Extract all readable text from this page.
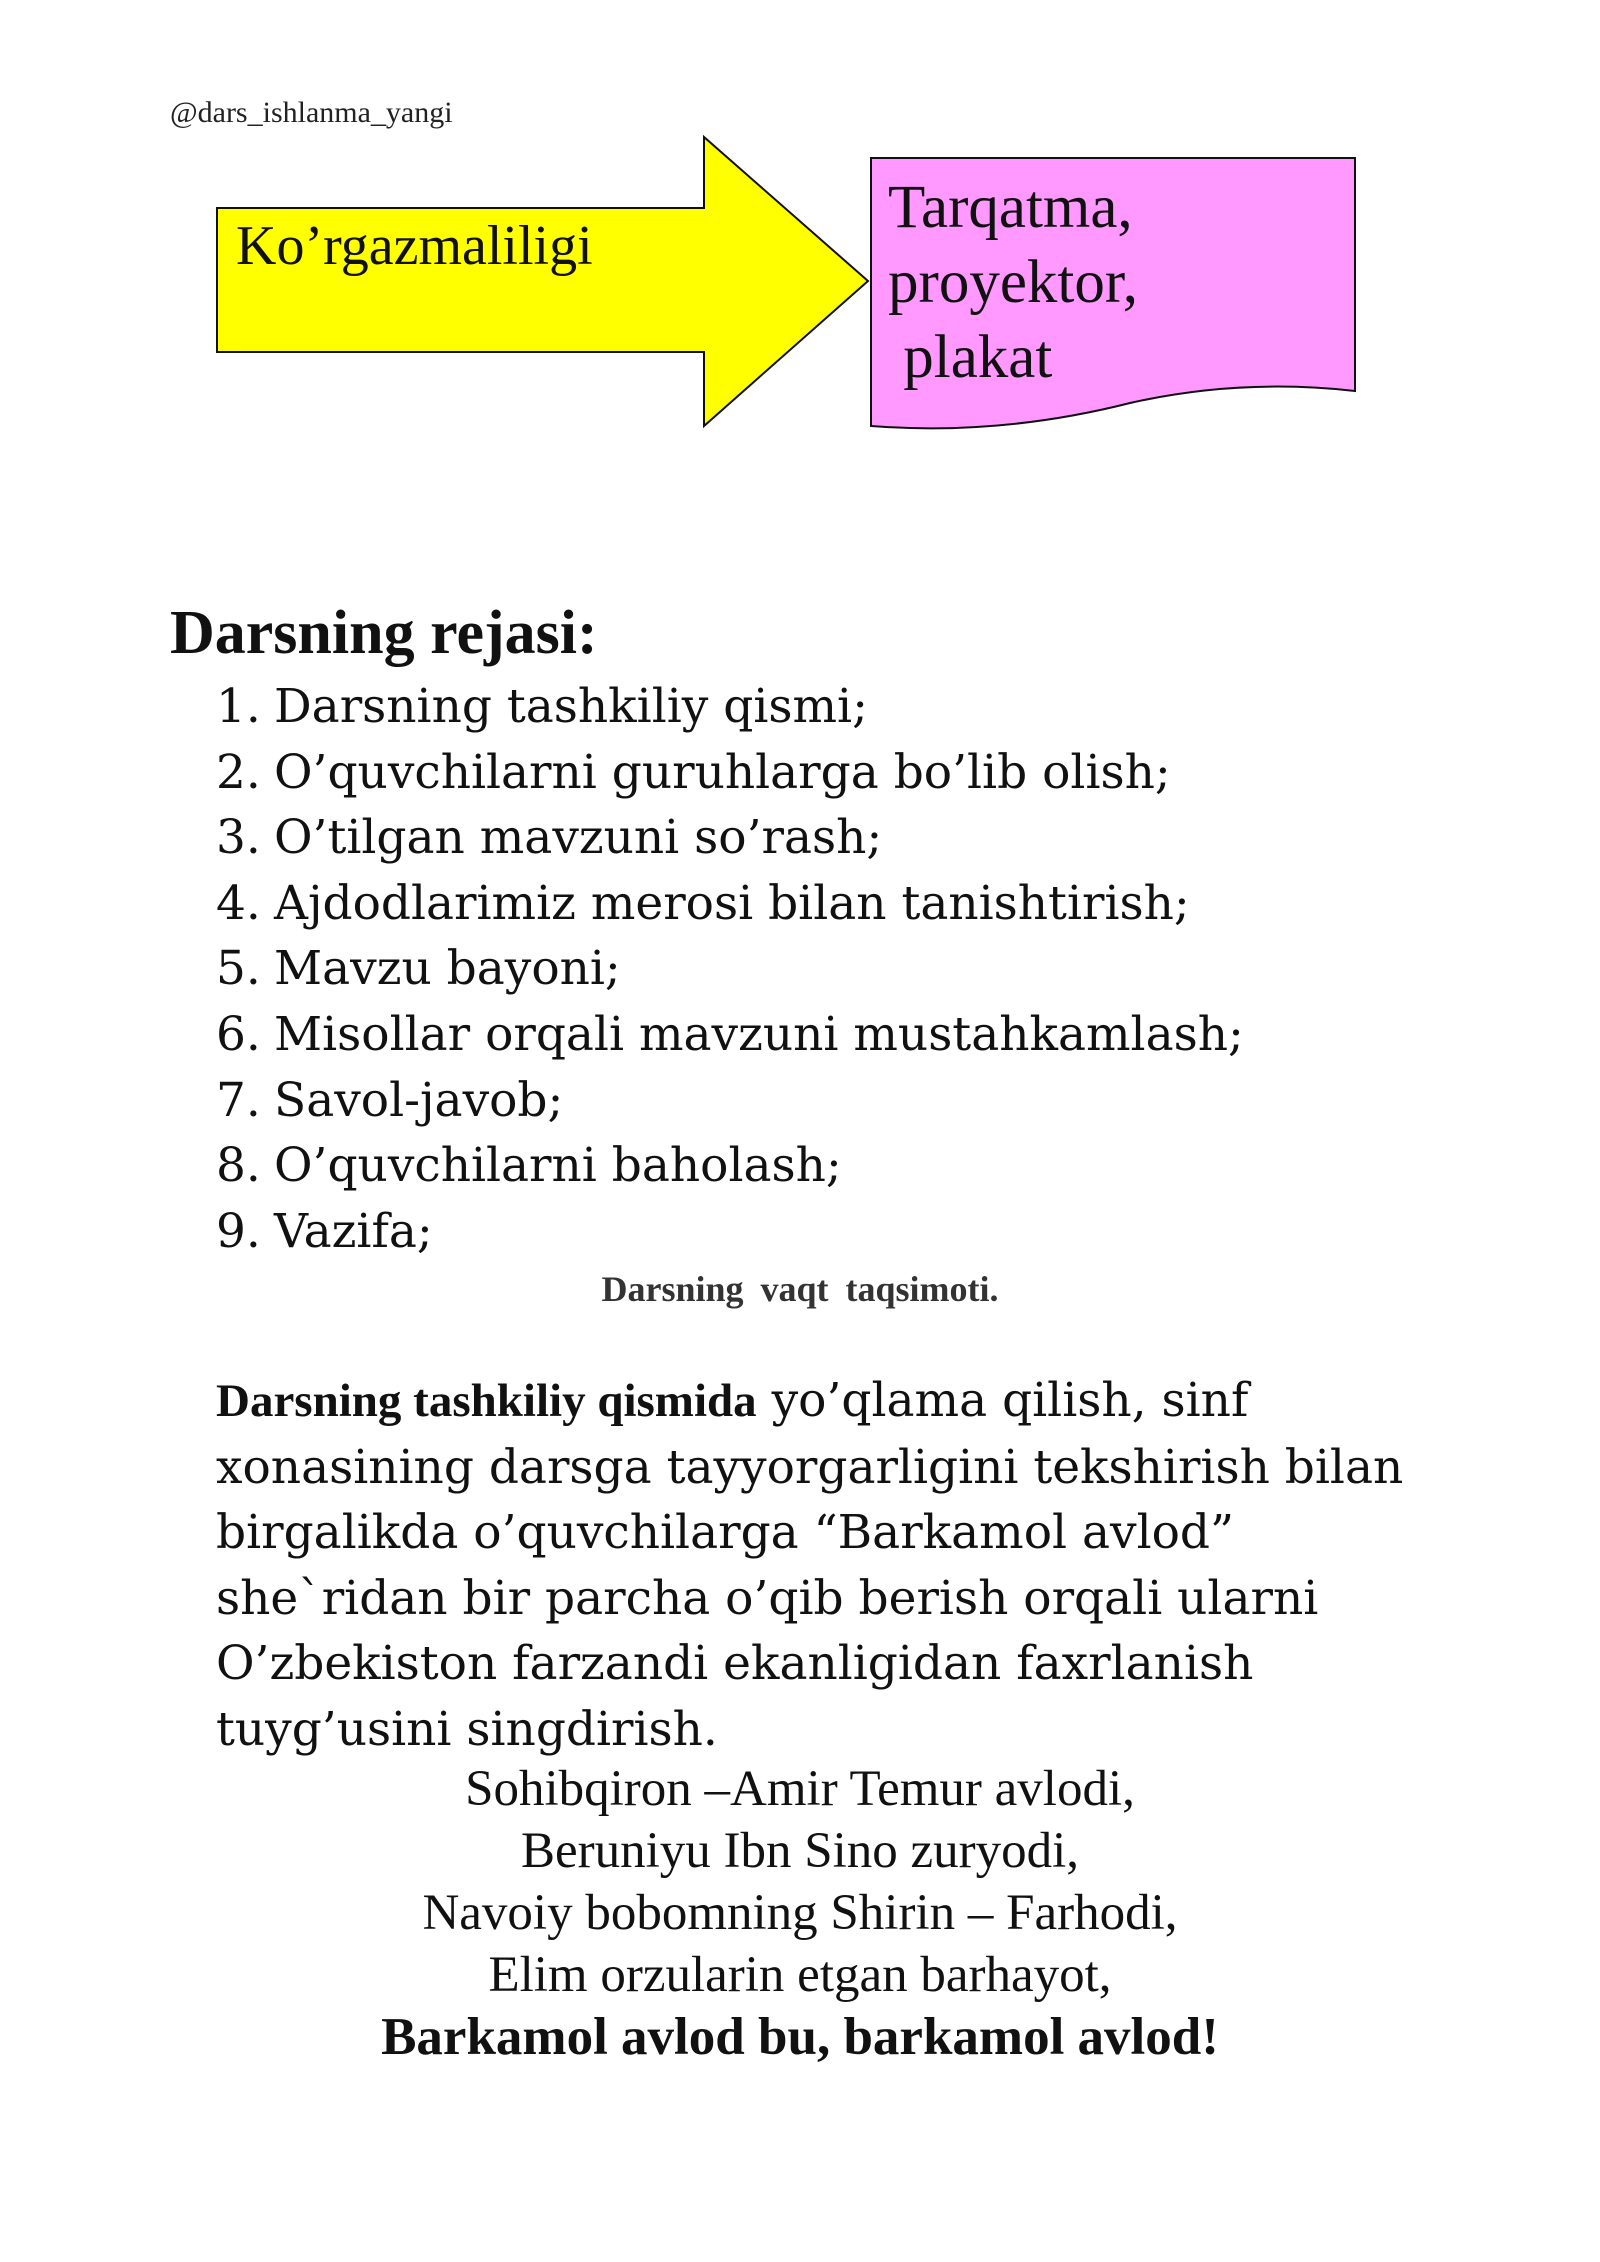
@dars_ishlanma_yangi
Ko’rgazmaliligi
Tarqatma,
proyektor,
plakat
Darsning rejasi:
1. Darsning tashkiliy qismi;
2. O’quvchilarni guruhlarga bo’lib olish;
3. O’tilgan mavzuni so’rash;
4. Ajdodlarimiz merosi bilan tanishtirish;
5. Mavzu bayoni;
6. Misollar orqali mavzuni mustahkamlash;
7. Savol-javob;
8. O’quvchilarni baholash;
9. Vazifa;
Darsning vaqt taqsimoti.
Darsning tashkiliy qismida yo’qlama qilish, sinf xonasining darsga tayyorgarligini tekshirish bilan birgalikda o’quvchilarga “Barkamol avlod” she`ridan bir parcha o’qib berish orqali ularni O’zbekiston farzandi ekanligidan faxrlanish tuyg’usini singdirish.
Sohibqiron –Amir Temur avlodi,
Beruniyu Ibn Sino zuryodi,
Navoiy bobomning Shirin – Farhodi,
Elim orzularin etgan barhayot,
Barkamol avlod bu, barkamol avlod!
